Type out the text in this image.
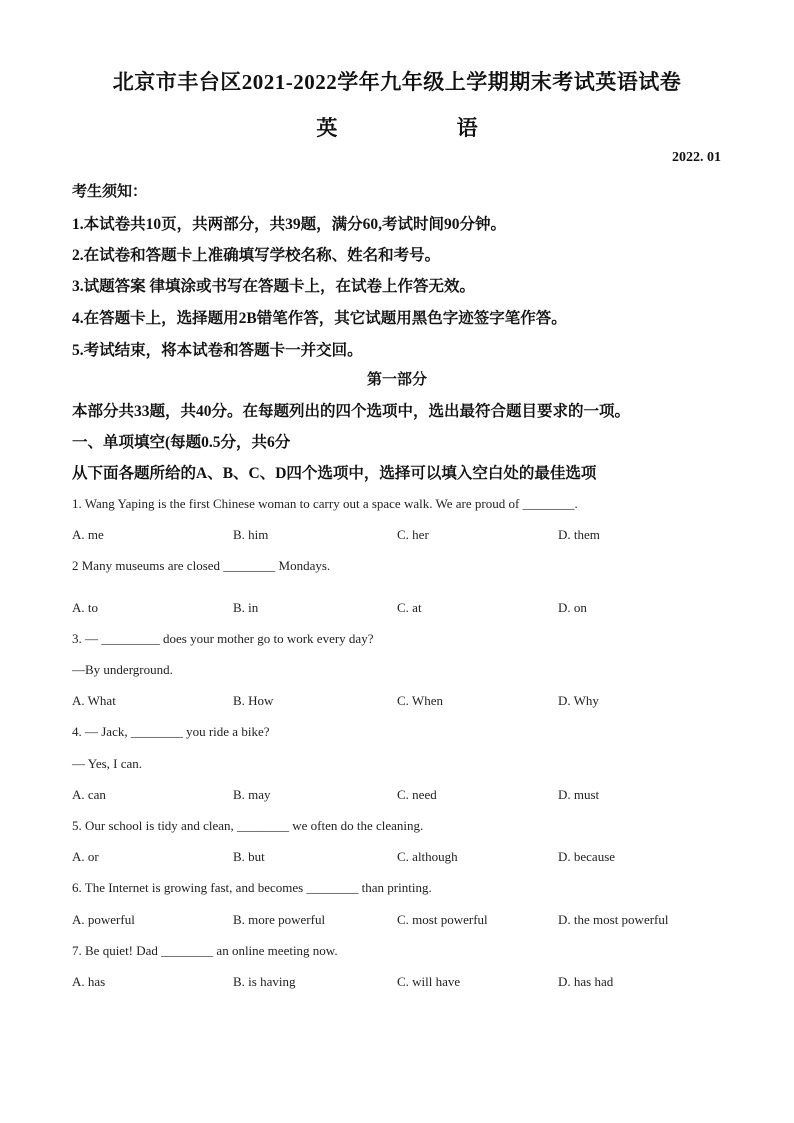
北京市丰台区2021-2022学年九年级上学期期末考试英语试卷
英 语
2022. 01
考生须知：
1.本试卷共10页，共两部分，共39题，满分60,考试时间90分钟。
2.在试卷和答题卡上准确填写学校名称、姓名和考号。
3.试题答案 律填涂或书写在答题卡上，在试卷上作答无效。
4.在答题卡上，选择题用2B错笔作答，其它试题用黑色字迹签字笔作答。
5.考试结束，将本试卷和答题卡一并交回。
第一部分
本部分共33题，共40分。在每题列出的四个选项中，选出最符合题目要求的一项。
一、单项填空(每题0.5分，共6分
从下面各题所给的A、B、C、D四个选项中，选择可以填入空白处的最佳选项
1. Wang Yaping is the first Chinese woman to carry out a space walk. We are proud of ________.
A. me	B. him	C. her	D. them
2 Many museums are closed ________ Mondays.
A. to	B. in	C. at	D. on
3. — _________ does your mother go to work every day?
—By underground.
A. What	B. How	C. When	D. Why
4. — Jack, ________ you ride a bike?
— Yes, I can.
A. can	B. may	C. need	D. must
5. Our school is tidy and clean, ________ we often do the cleaning.
A. or	B. but	C. although	D. because
6. The Internet is growing fast, and becomes ________ than printing.
A. powerful	B. more powerful	C. most powerful	D. the most powerful
7. Be quiet! Dad ________ an online meeting now.
A. has	B. is having	C. will have	D. has had
